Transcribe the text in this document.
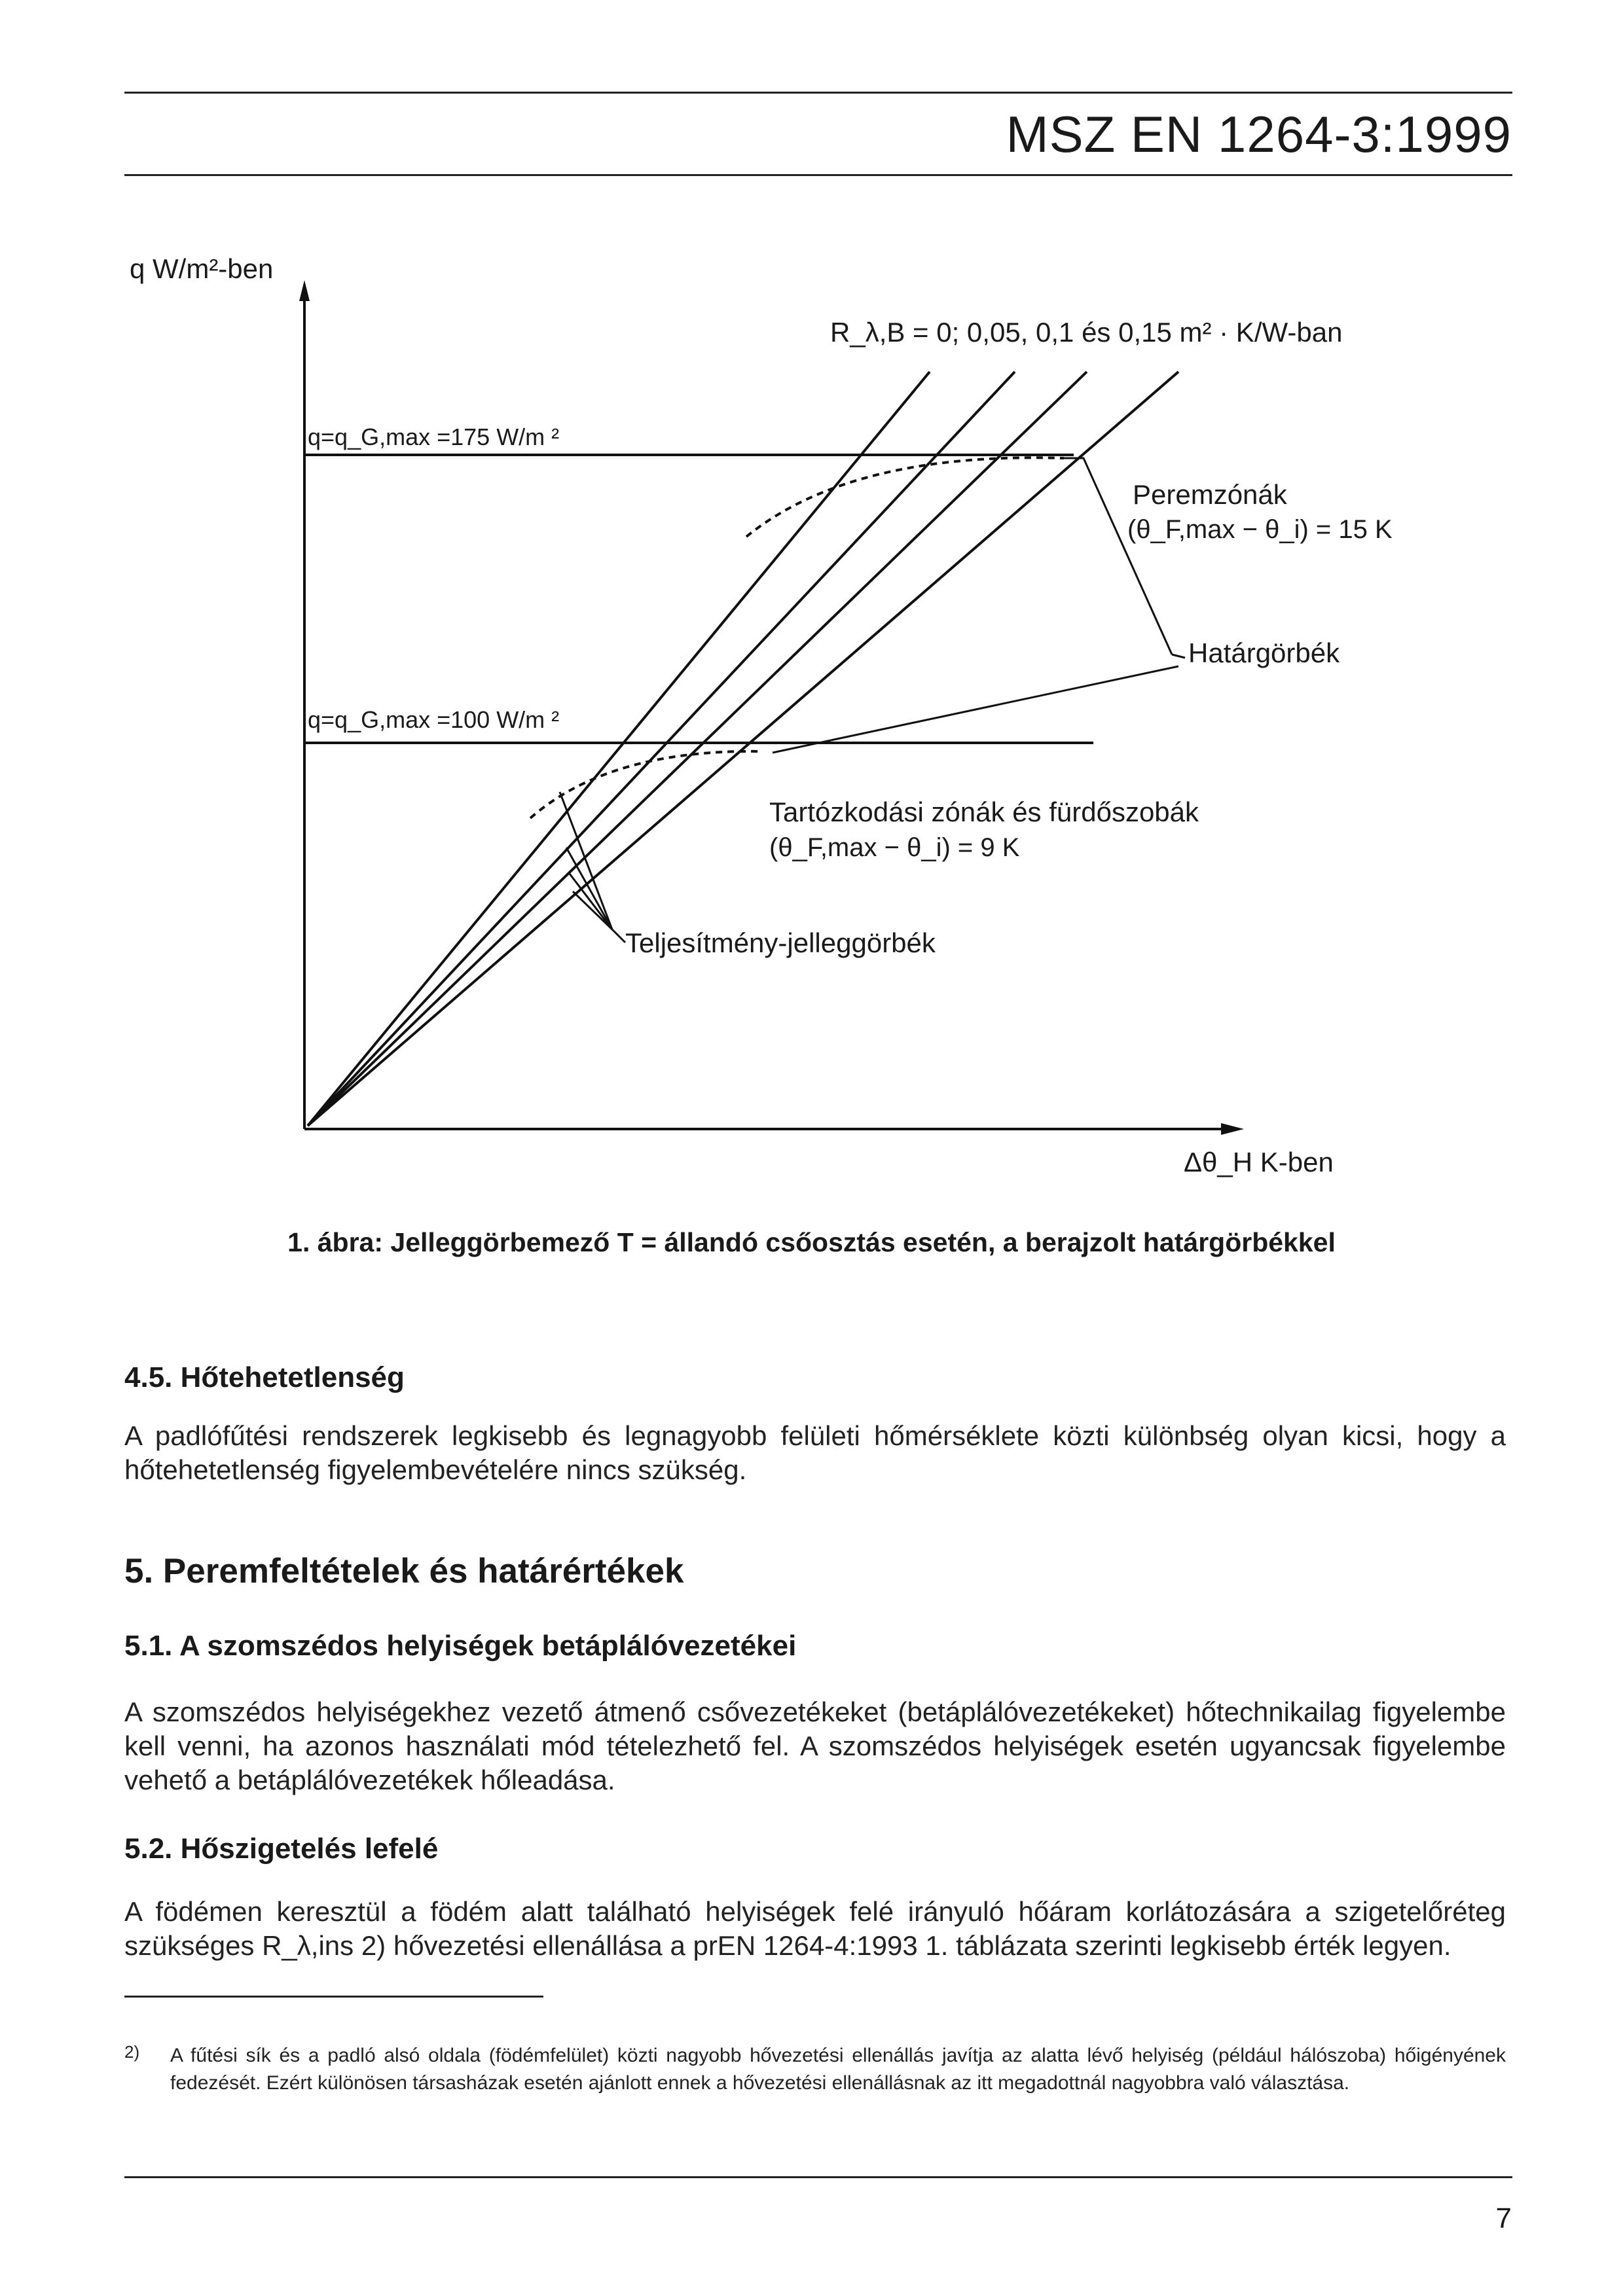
MSZ EN 1264-3:1999
q W/m²-ben
Δθ_H K-ben
R_λ,B = 0; 0,05, 0,1 és 0,15 m² · K/W-ban
q=q_G,max =175 W/m ²
q=q_G,max =100 W/m ²
Peremzónák
(θ_F,max − θ_i) = 15 K
Határgörbék
Tartózkodási zónák és fürdőszobák
(θ_F,max − θ_i) = 9 K
Teljesítmény-jelleggörbék
1. ábra: Jelleggörbemező T = állandó csőosztás esetén, a berajzolt határgörbékkel
4.5. Hőtehetetlenség
A padlófűtési rendszerek legkisebb és legnagyobb felületi hőmérséklete közti különbség olyan kicsi, hogy a hőtehetetlenség figyelembevételére nincs szükség.
5. Peremfeltételek és határértékek
5.1. A szomszédos helyiségek betáplálóvezetékei
A szomszédos helyiségekhez vezető átmenő csővezetékeket (betáplálóvezetékeket) hőtechnikailag figyelembe kell venni, ha azonos használati mód tételezhető fel. A szomszédos helyiségek esetén ugyancsak figyelembe vehető a betáplálóvezetékek hőleadása.
5.2. Hőszigetelés lefelé
A födémen keresztül a födém alatt található helyiségek felé irányuló hőáram korlátozására a szigetelőréteg szükséges R_λ,ins 2) hővezetési ellenállása a prEN 1264-4:1993 1. táblázata szerinti legkisebb érték legyen.
2) A fűtési sík és a padló alsó oldala (födémfelület) közti nagyobb hővezetési ellenállás javítja az alatta lévő helyiség (például hálószoba) hőigényének fedezését. Ezért különösen társasházak esetén ajánlott ennek a hővezetési ellenállásnak az itt megadottnál nagyobbra való választása.
7
